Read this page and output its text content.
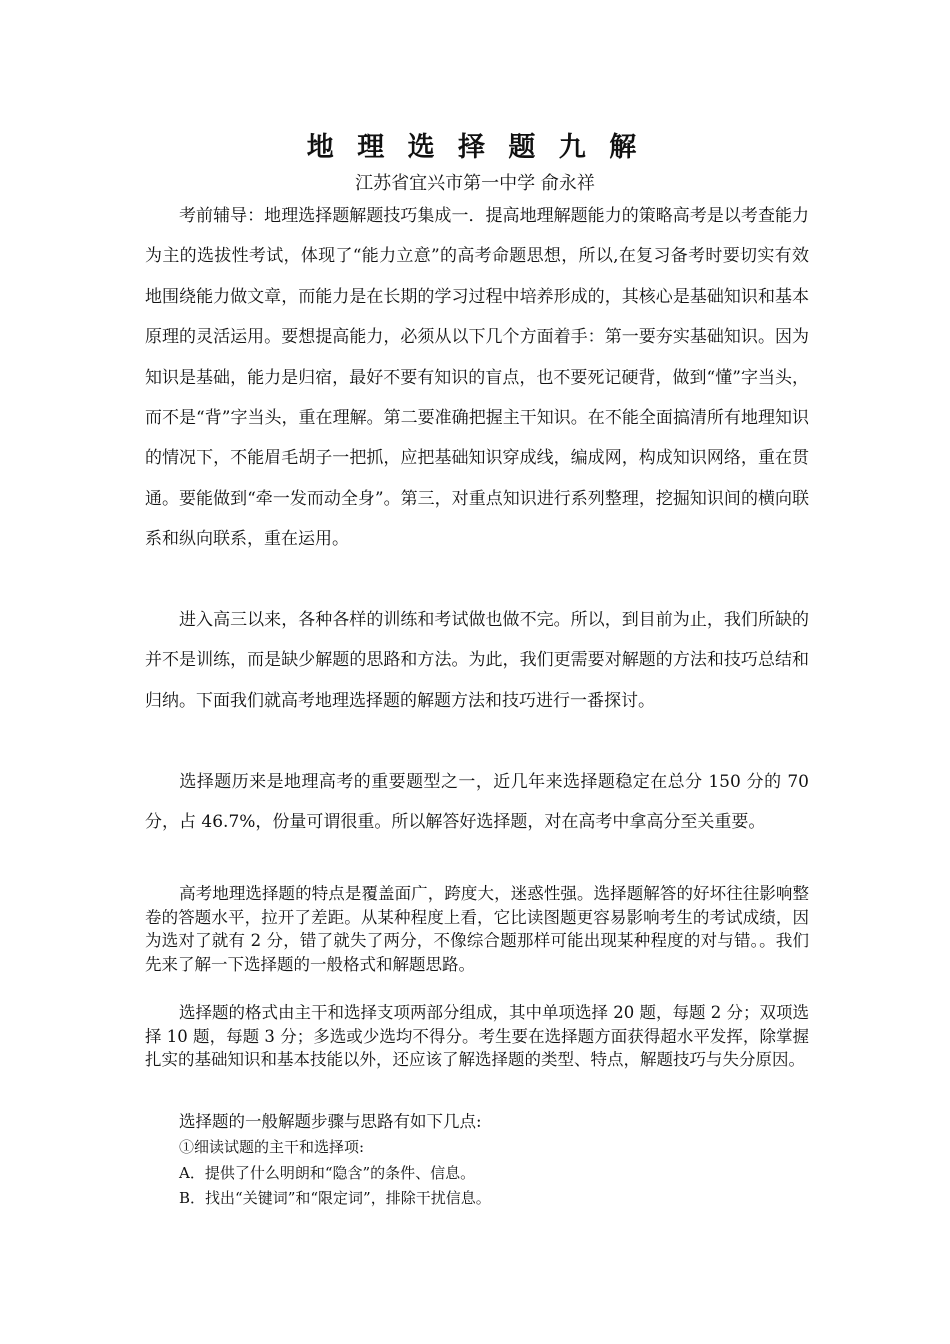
地 理 选 择 题 九 解
江苏省宜兴市第一中学 俞永祥
考前辅导：地理选择题解题技巧集成一．提高地理解题能力的策略高考是以考查能力为主的选拔性考试，体现了“能力立意”的高考命题思想，所以,在复习备考时要切实有效地围绕能力做文章，而能力是在长期的学习过程中培养形成的，其核心是基础知识和基本原理的灵活运用。要想提高能力，必须从以下几个方面着手：第一要夯实基础知识。因为知识是基础，能力是归宿，最好不要有知识的盲点，也不要死记硬背，做到“懂”字当头，而不是“背”字当头，重在理解。第二要准确把握主干知识。在不能全面搞清所有地理知识的情况下，不能眉毛胡子一把抓，应把基础知识穿成线，编成网，构成知识网络，重在贯通。要能做到“牵一发而动全身”。第三，对重点知识进行系列整理，挖掘知识间的横向联系和纵向联系，重在运用。
进入高三以来，各种各样的训练和考试做也做不完。所以，到目前为止，我们所缺的并不是训练，而是缺少解题的思路和方法。为此，我们更需要对解题的方法和技巧总结和归纳。下面我们就高考地理选择题的解题方法和技巧进行一番探讨。
选择题历来是地理高考的重要题型之一，近几年来选择题稳定在总分 150 分的 70 分，占 46.7%，份量可谓很重。所以解答好选择题，对在高考中拿高分至关重要。
高考地理选择题的特点是覆盖面广，跨度大，迷惑性强。选择题解答的好坏往往影响整卷的答题水平，拉开了差距。从某种程度上看，它比读图题更容易影响考生的考试成绩，因为选对了就有 2 分，错了就失了两分，不像综合题那样可能出现某种程度的对与错。。我们先来了解一下选择题的一般格式和解题思路。
选择题的格式由主干和选择支项两部分组成，其中单项选择 20 题，每题 2 分；双项选择 10 题，每题 3 分；多选或少选均不得分。考生要在选择题方面获得超水平发挥，除掌握扎实的基础知识和基本技能以外，还应该了解选择题的类型、特点，解题技巧与失分原因。
选择题的一般解题步骤与思路有如下几点:
①细读试题的主干和选择项:
A．提供了什么明朗和“隐含”的条件、信息。
B．找出“关键词”和“限定词”，排除干扰信息。
